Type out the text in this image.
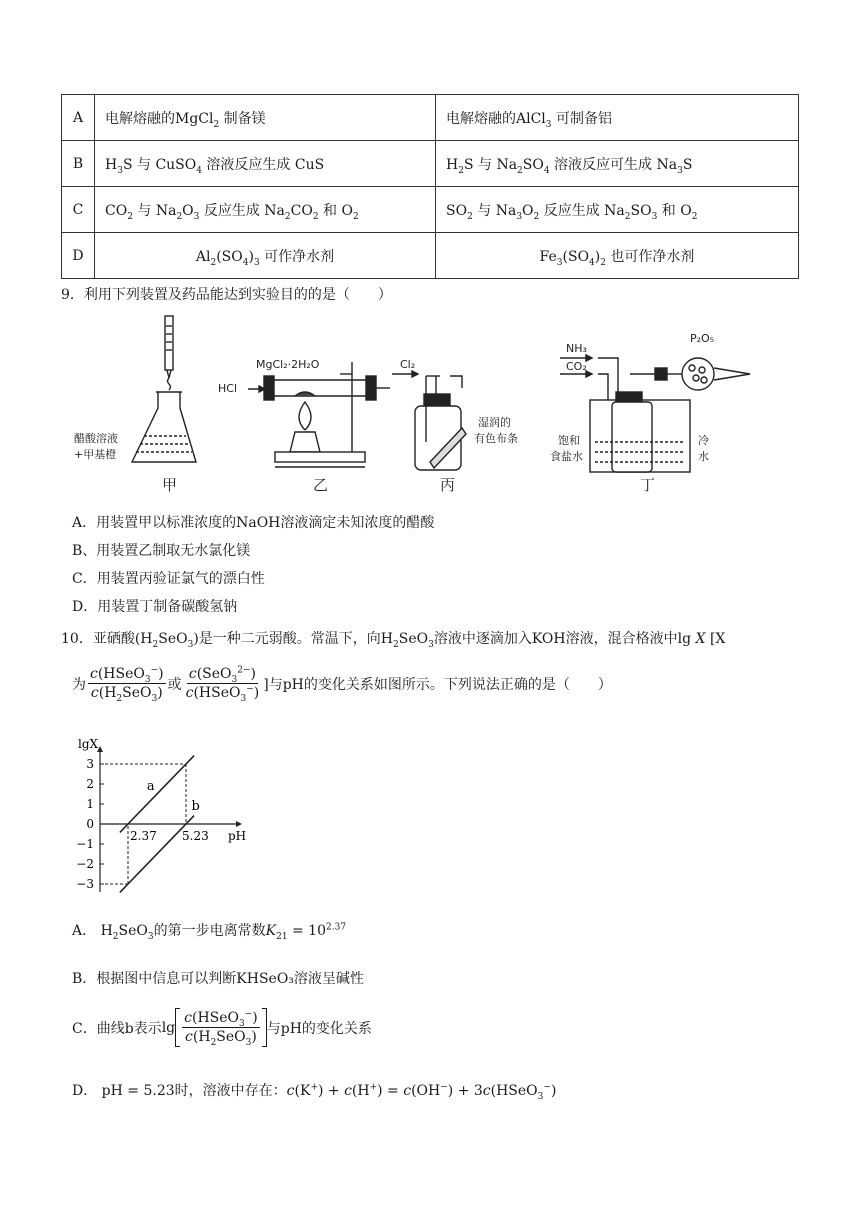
A	电解熔融的MgCl$_2$ 制备镁	电解熔融的AlCl$_3$ 可制备铝
B	$H_3S$ 与 CuSO$_4$ 溶液反应生成 CuS	$H_2S$ 与 $Na_2SO_4$ 溶液反应可生成 $Na_3S$
C	$CO_2$ 与 $Na_2O_3$ 反应生成 $Na_2CO_2$ 和 $O_2$	$SO_2$ 与 $Na_3O_2$ 反应生成 $Na_2SO_3$ 和 $O_2$
D	$Al_2(SO_4)_3$ 可作净水剂	$Fe_3(SO_4)_2$ 也可作净水剂
9．利用下列装置及药品能达到实验目的的是（　　）
醋酸溶液
+甲基橙
甲
MgCl₂·2H₂O
HCl
乙
Cl₂
湿润的
有色布条
丙
NH₃
CO₂
P₂O₅
饱和
食盐水
冷
水
丁
A．用装置甲以标准浓度的NaOH溶液滴定未知浓度的醋酸
B、用装置乙制取无水氯化镁
C．用装置丙验证氯气的漂白性
D．用装置丁制备碳酸氢钠
10．亚硒酸$(H_2SeO_3)$是一种二元弱酸。常温下，向$H_2SeO_3$溶液中逐滴加入KOH溶液，混合格液中lg X [X
为 $\frac{c(HSeO_3^-)}{c(H_2SeO_3)}$ 或 $\frac{c(SeO_3^{2-})}{c(HSeO_3^-)}$ ]与pH的变化关系如图所示。下列说法正确的是（　　）
lgX
pH
3
2
1
0
−1
−2
−3
a
b
2.37 5.23
A． $H_2SeO_3$的第一步电离常数$K_{21} = 10^{2.37}$
B．根据图中信息可以判断KHSeO₃溶液呈碱性
C．曲线b表示 $\lg \frac{c(HSeO_3^-)}{c(H_2SeO_3)}$ 与pH的变化关系
D． pH = 5.23时，溶液中存在：c(K+) + c(H+) = c(OH−) + 3c(HSeO$_3$−)
